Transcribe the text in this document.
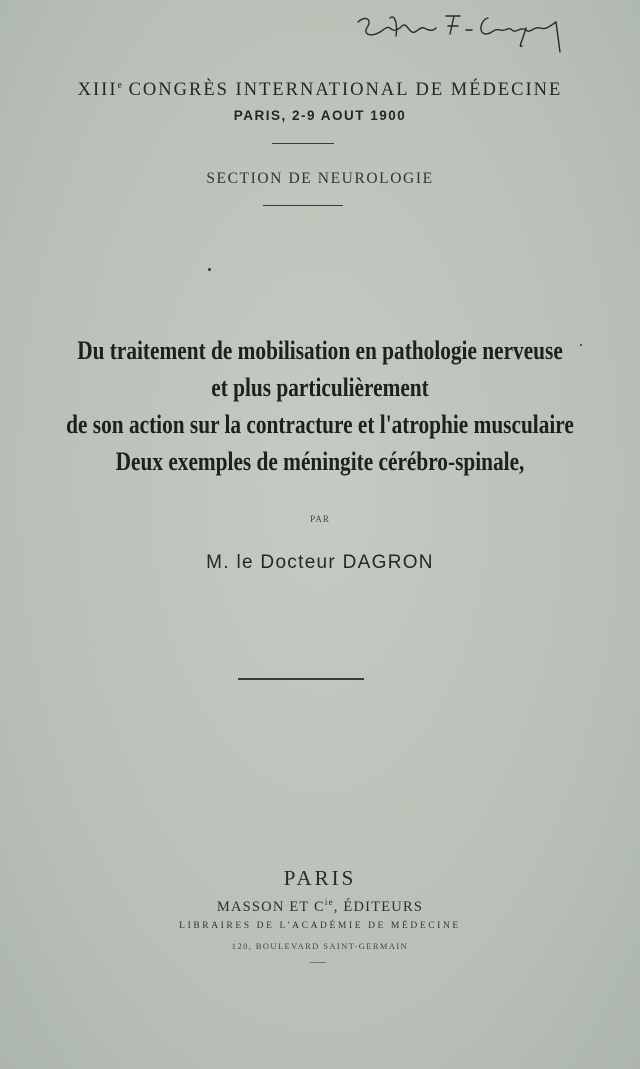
XIIIe CONGRÈS INTERNATIONAL DE MÉDECINE
PARIS, 2-9 AOUT 1900
SECTION DE NEUROLOGIE
Du traitement de mobilisation en pathologie nerveuse
et plus particulièrement
de son action sur la contracture et l'atrophie musculaire
Deux exemples de méningite cérébro-spinale,
PAR
M. le Docteur DAGRON
PARIS
MASSON ET $C^{ie}$, ÉDITEURS
LIBRAIRES DE L'ACADÉMIE DE MÉDECINE
120, BOULEVARD SAINT-GERMAIN
